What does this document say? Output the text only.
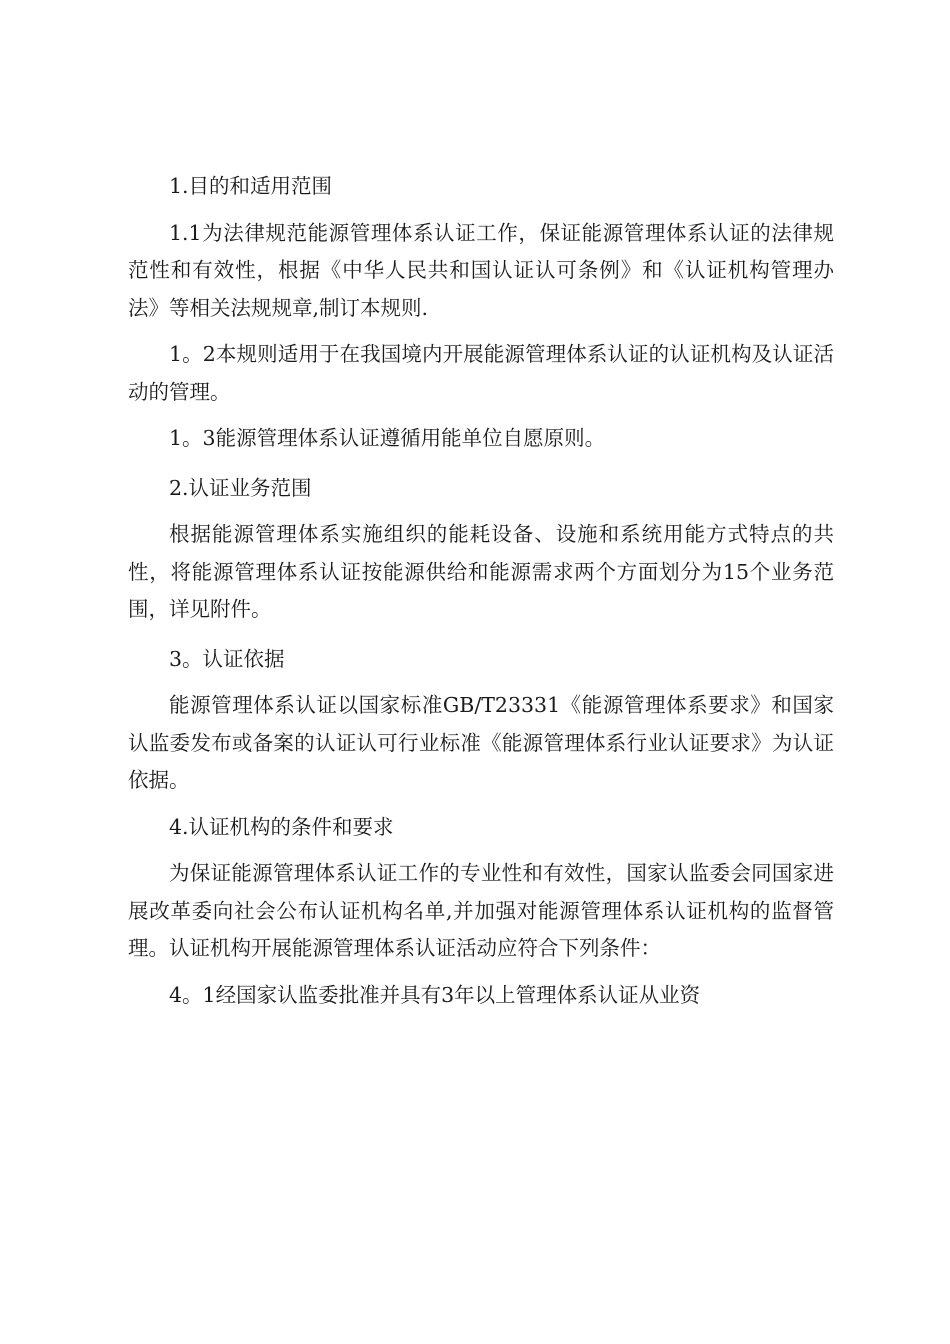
1.目的和适用范围

1.1为法律规范能源管理体系认证工作，保证能源管理体系认证的法律规范性和有效性，根据《中华人民共和国认证认可条例》和《认证机构管理办法》等相关法规规章,制订本规则.

1。2本规则适用于在我国境内开展能源管理体系认证的认证机构及认证活动的管理。

1。3能源管理体系认证遵循用能单位自愿原则。

2.认证业务范围

根据能源管理体系实施组织的能耗设备、设施和系统用能方式特点的共性，将能源管理体系认证按能源供给和能源需求两个方面划分为15个业务范围，详见附件。

3。认证依据

能源管理体系认证以国家标准GB/T23331《能源管理体系要求》和国家认监委发布或备案的认证认可行业标准《能源管理体系行业认证要求》为认证依据。

4.认证机构的条件和要求

为保证能源管理体系认证工作的专业性和有效性，国家认监委会同国家进展改革委向社会公布认证机构名单,并加强对能源管理体系认证机构的监督管理。认证机构开展能源管理体系认证活动应符合下列条件：

4。1经国家认监委批准并具有3年以上管理体系认证从业资
